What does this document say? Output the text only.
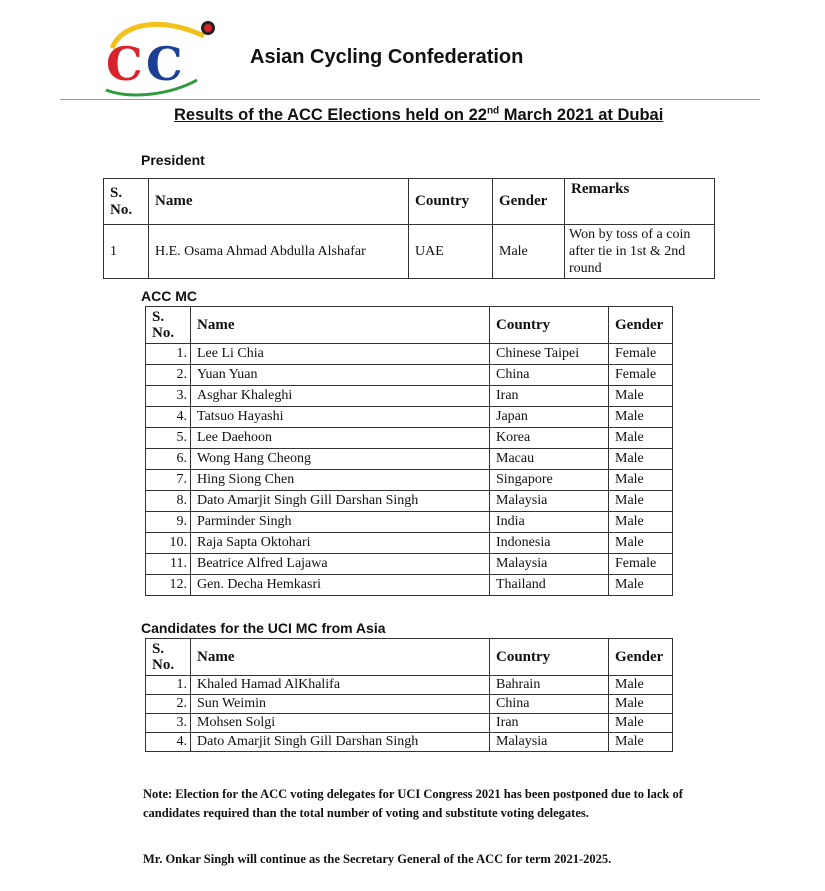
C C	Asian Cycling Confederation
Results of the ACC Elections held on 22nd March 2021 at Dubai
President
S. No.	Name	Country	Gender	Remarks
1	H.E. Osama Ahmad Abdulla Alshafar	UAE	Male	Won by toss of a coin after tie in 1st & 2nd round
ACC MC
S. No.	Name	Country	Gender
1.	Lee Li Chia	Chinese Taipei	Female
2.	Yuan Yuan	China	Female
3.	Asghar Khaleghi	Iran	Male
4.	Tatsuo Hayashi	Japan	Male
5.	Lee Daehoon	Korea	Male
6.	Wong Hang Cheong	Macau	Male
7.	Hing Siong Chen	Singapore	Male
8.	Dato Amarjit Singh Gill Darshan Singh	Malaysia	Male
9.	Parminder Singh	India	Male
10.	Raja Sapta Oktohari	Indonesia	Male
11.	Beatrice Alfred Lajawa	Malaysia	Female
12.	Gen. Decha Hemkasri	Thailand	Male
Candidates for the UCI MC from Asia
S. No.	Name	Country	Gender
1.	Khaled Hamad AlKhalifa	Bahrain	Male
2.	Sun Weimin	China	Male
3.	Mohsen Solgi	Iran	Male
4.	Dato Amarjit Singh Gill Darshan Singh	Malaysia	Male
Note: Election for the ACC voting delegates for UCI Congress 2021 has been postponed due to lack of candidates required than the total number of voting and substitute voting delegates.
Mr. Onkar Singh will continue as the Secretary General of the ACC for term 2021-2025.
